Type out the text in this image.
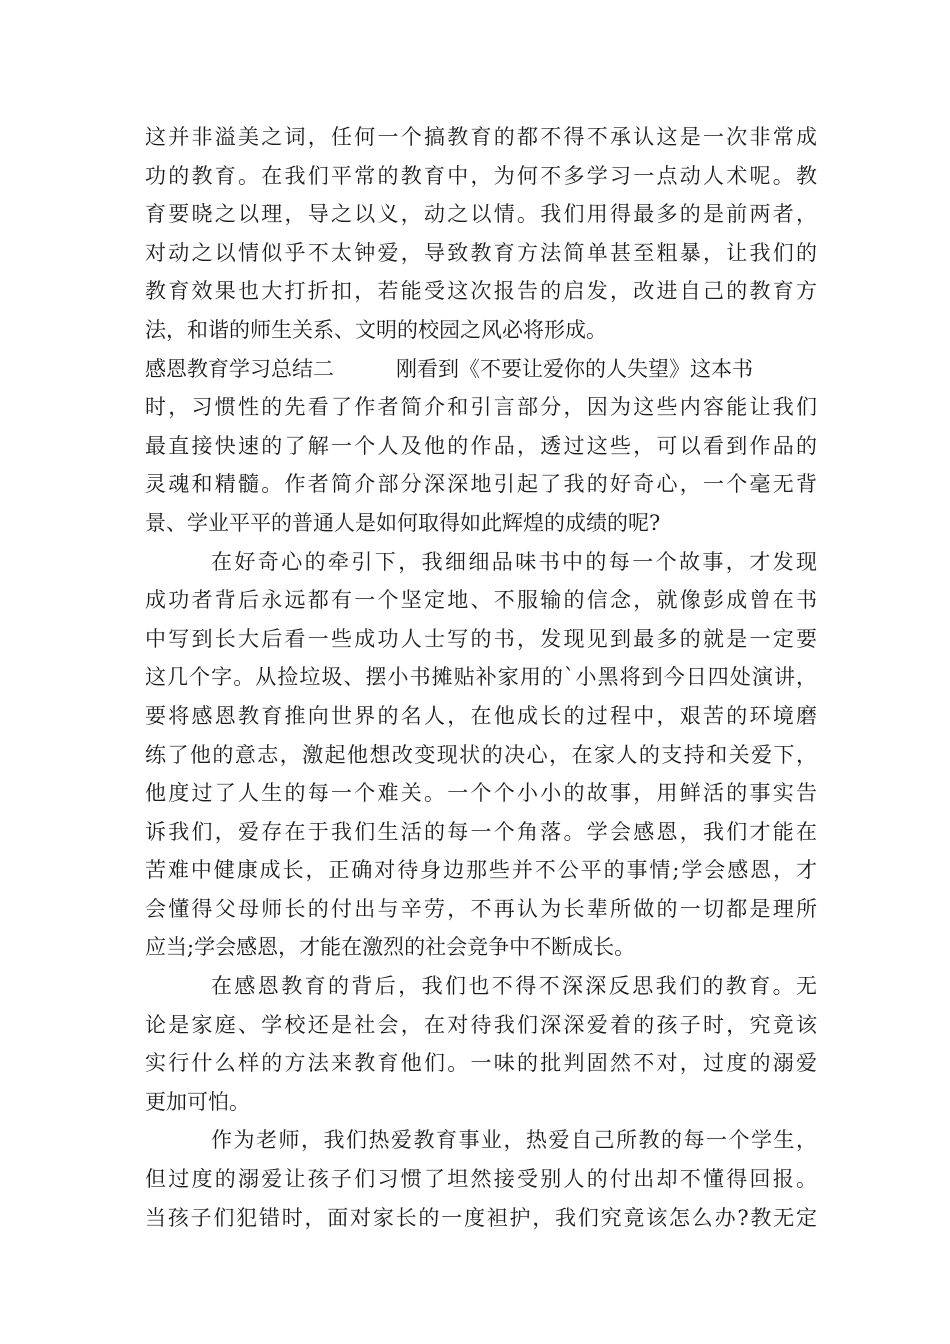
这并非溢美之词，任何一个搞教育的都不得不承认这是一次非常成
功的教育。在我们平常的教育中，为何不多学习一点动人术呢。教
育要晓之以理，导之以义，动之以情。我们用得最多的是前两者，
对动之以情似乎不太钟爱，导致教育方法简单甚至粗暴，让我们的
教育效果也大打折扣，若能受这次报告的启发，改进自己的教育方
法，和谐的师生关系、文明的校园之风必将形成。
感恩教育学习总结二	刚看到《不要让爱你的人失望》这本书
时，习惯性的先看了作者简介和引言部分，因为这些内容能让我们
最直接快速的了解一个人及他的作品，透过这些，可以看到作品的
灵魂和精髓。作者简介部分深深地引起了我的好奇心，一个毫无背
景、学业平平的普通人是如何取得如此辉煌的成绩的呢?
在好奇心的牵引下，我细细品味书中的每一个故事，才发现
成功者背后永远都有一个坚定地、不服输的信念，就像彭成曾在书
中写到长大后看一些成功人士写的书，发现见到最多的就是一定要
这几个字。从捡垃圾、摆小书摊贴补家用的`小黑将到今日四处演讲，
要将感恩教育推向世界的名人，在他成长的过程中，艰苦的环境磨
练了他的意志，激起他想改变现状的决心，在家人的支持和关爱下，
他度过了人生的每一个难关。一个个小小的故事，用鲜活的事实告
诉我们，爱存在于我们生活的每一个角落。学会感恩，我们才能在
苦难中健康成长，正确对待身边那些并不公平的事情;学会感恩，才
会懂得父母师长的付出与辛劳，不再认为长辈所做的一切都是理所
应当;学会感恩，才能在激烈的社会竞争中不断成长。
在感恩教育的背后，我们也不得不深深反思我们的教育。无
论是家庭、学校还是社会，在对待我们深深爱着的孩子时，究竟该
实行什么样的方法来教育他们。一味的批判固然不对，过度的溺爱
更加可怕。
作为老师，我们热爱教育事业，热爱自己所教的每一个学生，
但过度的溺爱让孩子们习惯了坦然接受别人的付出却不懂得回报。
当孩子们犯错时，面对家长的一度袒护，我们究竟该怎么办?教无定
